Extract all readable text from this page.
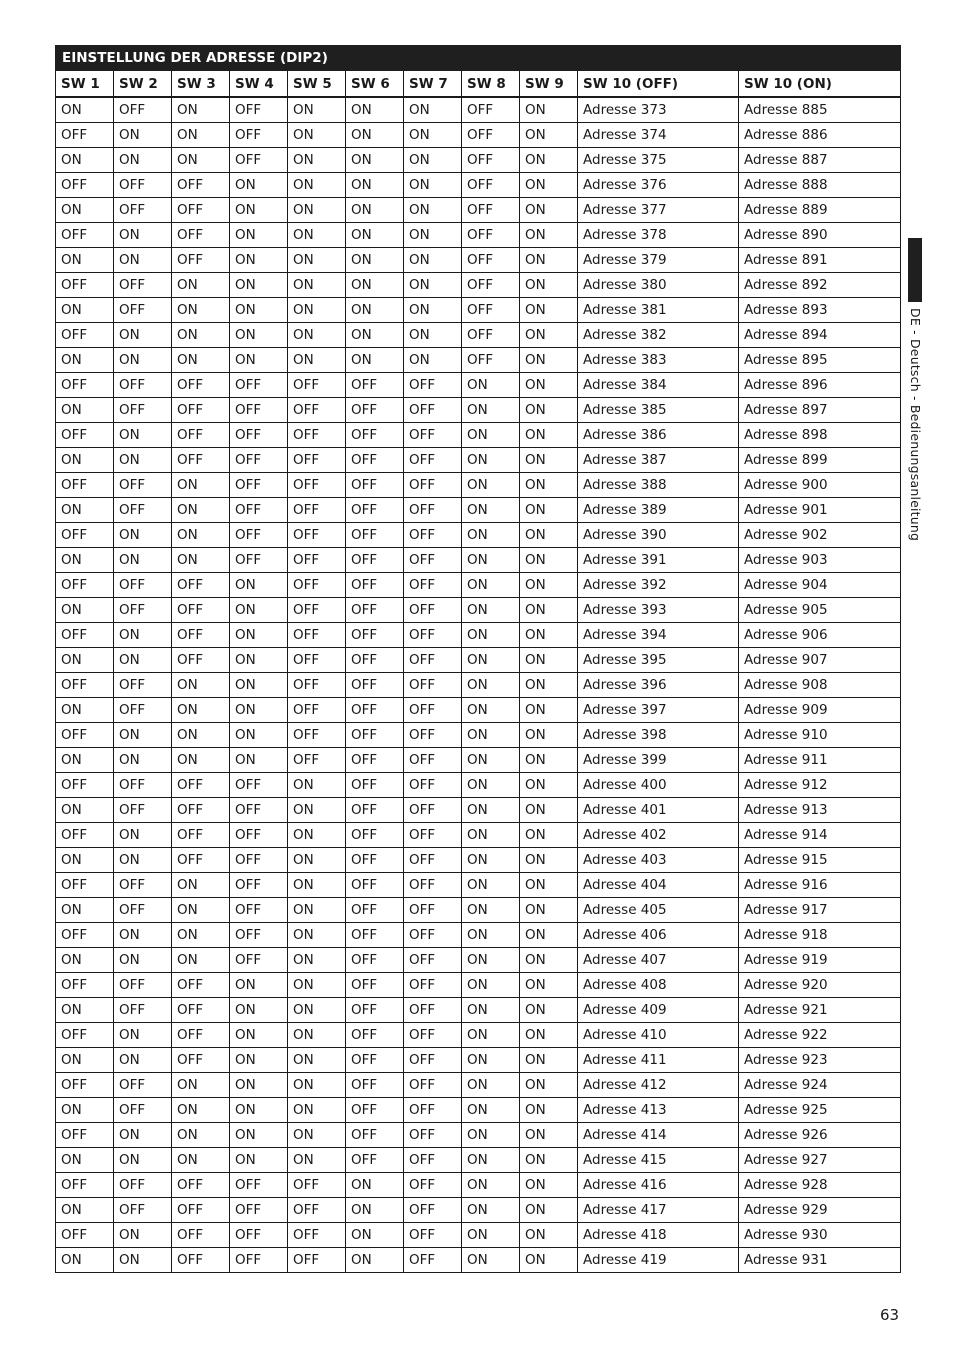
EINSTELLUNG DER ADRESSE (DIP2)										
SW 1	SW 2	SW 3	SW 4	SW 5	SW 6	SW 7	SW 8	SW 9	SW 10 (OFF)	SW 10 (ON)
ON	OFF	ON	OFF	ON	ON	ON	OFF	ON	Adresse 373	Adresse 885
OFF	ON	ON	OFF	ON	ON	ON	OFF	ON	Adresse 374	Adresse 886
ON	ON	ON	OFF	ON	ON	ON	OFF	ON	Adresse 375	Adresse 887
OFF	OFF	OFF	ON	ON	ON	ON	OFF	ON	Adresse 376	Adresse 888
ON	OFF	OFF	ON	ON	ON	ON	OFF	ON	Adresse 377	Adresse 889
OFF	ON	OFF	ON	ON	ON	ON	OFF	ON	Adresse 378	Adresse 890
ON	ON	OFF	ON	ON	ON	ON	OFF	ON	Adresse 379	Adresse 891
OFF	OFF	ON	ON	ON	ON	ON	OFF	ON	Adresse 380	Adresse 892
ON	OFF	ON	ON	ON	ON	ON	OFF	ON	Adresse 381	Adresse 893
OFF	ON	ON	ON	ON	ON	ON	OFF	ON	Adresse 382	Adresse 894
ON	ON	ON	ON	ON	ON	ON	OFF	ON	Adresse 383	Adresse 895
OFF	OFF	OFF	OFF	OFF	OFF	OFF	ON	ON	Adresse 384	Adresse 896
ON	OFF	OFF	OFF	OFF	OFF	OFF	ON	ON	Adresse 385	Adresse 897
OFF	ON	OFF	OFF	OFF	OFF	OFF	ON	ON	Adresse 386	Adresse 898
ON	ON	OFF	OFF	OFF	OFF	OFF	ON	ON	Adresse 387	Adresse 899
OFF	OFF	ON	OFF	OFF	OFF	OFF	ON	ON	Adresse 388	Adresse 900
ON	OFF	ON	OFF	OFF	OFF	OFF	ON	ON	Adresse 389	Adresse 901
OFF	ON	ON	OFF	OFF	OFF	OFF	ON	ON	Adresse 390	Adresse 902
ON	ON	ON	OFF	OFF	OFF	OFF	ON	ON	Adresse 391	Adresse 903
OFF	OFF	OFF	ON	OFF	OFF	OFF	ON	ON	Adresse 392	Adresse 904
ON	OFF	OFF	ON	OFF	OFF	OFF	ON	ON	Adresse 393	Adresse 905
OFF	ON	OFF	ON	OFF	OFF	OFF	ON	ON	Adresse 394	Adresse 906
ON	ON	OFF	ON	OFF	OFF	OFF	ON	ON	Adresse 395	Adresse 907
OFF	OFF	ON	ON	OFF	OFF	OFF	ON	ON	Adresse 396	Adresse 908
ON	OFF	ON	ON	OFF	OFF	OFF	ON	ON	Adresse 397	Adresse 909
OFF	ON	ON	ON	OFF	OFF	OFF	ON	ON	Adresse 398	Adresse 910
ON	ON	ON	ON	OFF	OFF	OFF	ON	ON	Adresse 399	Adresse 911
OFF	OFF	OFF	OFF	ON	OFF	OFF	ON	ON	Adresse 400	Adresse 912
ON	OFF	OFF	OFF	ON	OFF	OFF	ON	ON	Adresse 401	Adresse 913
OFF	ON	OFF	OFF	ON	OFF	OFF	ON	ON	Adresse 402	Adresse 914
ON	ON	OFF	OFF	ON	OFF	OFF	ON	ON	Adresse 403	Adresse 915
OFF	OFF	ON	OFF	ON	OFF	OFF	ON	ON	Adresse 404	Adresse 916
ON	OFF	ON	OFF	ON	OFF	OFF	ON	ON	Adresse 405	Adresse 917
OFF	ON	ON	OFF	ON	OFF	OFF	ON	ON	Adresse 406	Adresse 918
ON	ON	ON	OFF	ON	OFF	OFF	ON	ON	Adresse 407	Adresse 919
OFF	OFF	OFF	ON	ON	OFF	OFF	ON	ON	Adresse 408	Adresse 920
ON	OFF	OFF	ON	ON	OFF	OFF	ON	ON	Adresse 409	Adresse 921
OFF	ON	OFF	ON	ON	OFF	OFF	ON	ON	Adresse 410	Adresse 922
ON	ON	OFF	ON	ON	OFF	OFF	ON	ON	Adresse 411	Adresse 923
OFF	OFF	ON	ON	ON	OFF	OFF	ON	ON	Adresse 412	Adresse 924
ON	OFF	ON	ON	ON	OFF	OFF	ON	ON	Adresse 413	Adresse 925
OFF	ON	ON	ON	ON	OFF	OFF	ON	ON	Adresse 414	Adresse 926
ON	ON	ON	ON	ON	OFF	OFF	ON	ON	Adresse 415	Adresse 927
OFF	OFF	OFF	OFF	OFF	ON	OFF	ON	ON	Adresse 416	Adresse 928
ON	OFF	OFF	OFF	OFF	ON	OFF	ON	ON	Adresse 417	Adresse 929
OFF	ON	OFF	OFF	OFF	ON	OFF	ON	ON	Adresse 418	Adresse 930
ON	ON	OFF	OFF	OFF	ON	OFF	ON	ON	Adresse 419	Adresse 931
DE - Deutsch - Bedienungsanleitung
63
